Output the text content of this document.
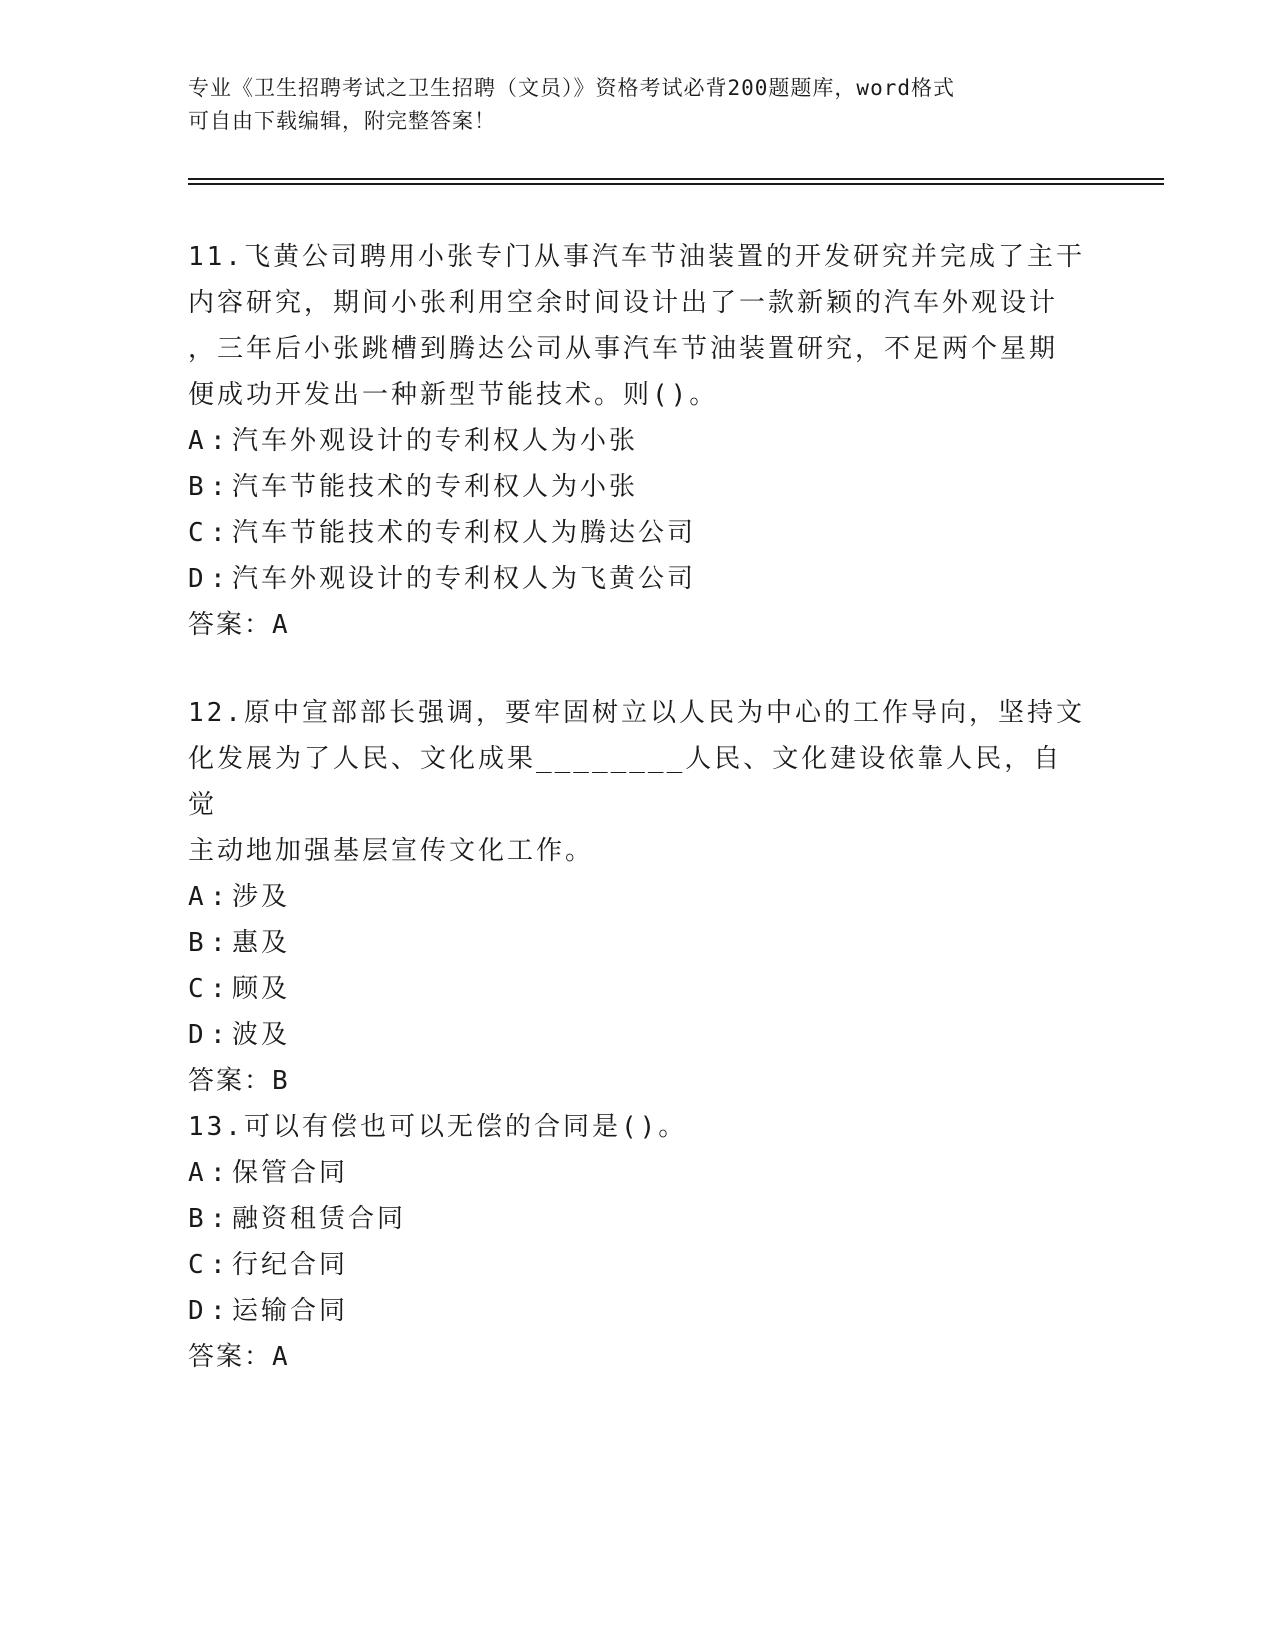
专业《卫生招聘考试之卫生招聘（文员）》资格考试必背200题题库，word格式
可自由下载编辑，附完整答案！
11.飞黄公司聘用小张专门从事汽车节油装置的开发研究并完成了主干
内容研究，期间小张利用空余时间设计出了一款新颖的汽车外观设计
，三年后小张跳槽到腾达公司从事汽车节油装置研究，不足两个星期
便成功开发出一种新型节能技术。则()。
A : 汽车外观设计的专利权人为小张
B : 汽车节能技术的专利权人为小张
C : 汽车节能技术的专利权人为腾达公司
D : 汽车外观设计的专利权人为飞黄公司
答案：A
12.原中宣部部长强调，要牢固树立以人民为中心的工作导向，坚持文
化发展为了人民、文化成果________人民、文化建设依靠人民，自觉
主动地加强基层宣传文化工作。
A : 涉及
B : 惠及
C : 顾及
D : 波及
答案：B
13.可以有偿也可以无偿的合同是()。
A : 保管合同
B : 融资租赁合同
C : 行纪合同
D : 运输合同
答案：A
